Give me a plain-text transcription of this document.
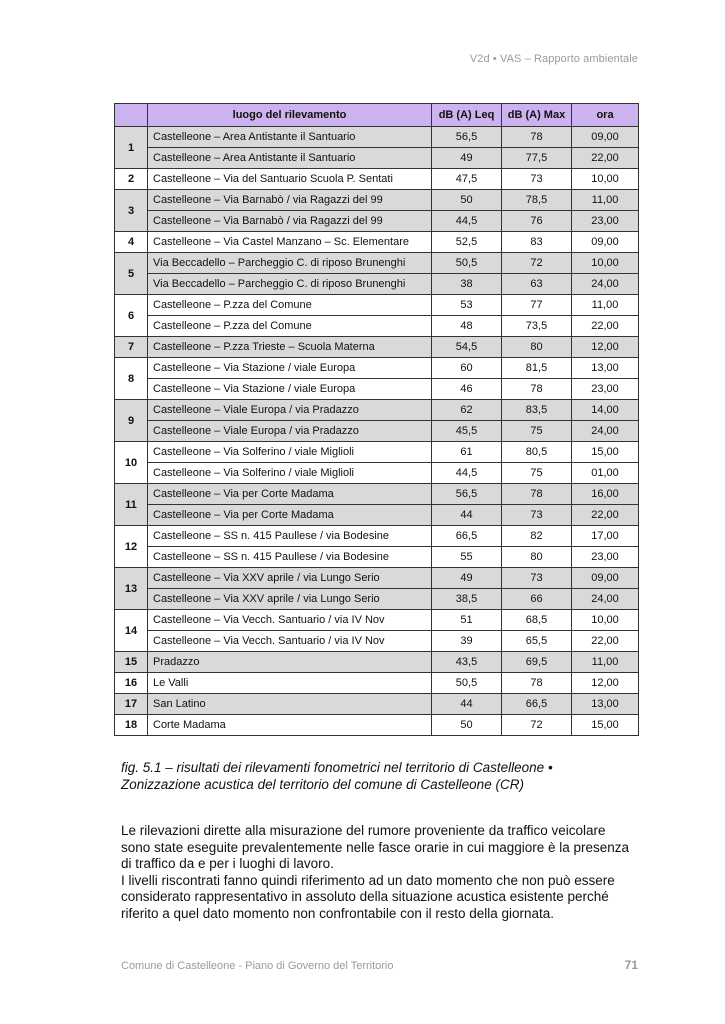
V2d • VAS – Rapporto ambientale
	luogo del rilevamento	dB (A) Leq	dB (A) Max	ora
1	Castelleone – Area Antistante il Santuario	56,5	78	09,00
	Castelleone – Area Antistante il Santuario	49	77,5	22,00
2	Castelleone – Via del Santuario Scuola P. Sentati	47,5	73	10,00
3	Castelleone – Via Barnabò / via Ragazzi del 99	50	78,5	11,00
	Castelleone – Via Barnabò / via Ragazzi del 99	44,5	76	23,00
4	Castelleone – Via Castel Manzano – Sc. Elementare	52,5	83	09,00
5	Via Beccadello – Parcheggio C. di riposo Brunenghi	50,5	72	10,00
	Via Beccadello – Parcheggio C. di riposo Brunenghi	38	63	24,00
6	Castelleone – P.zza del Comune	53	77	11,00
	Castelleone – P.zza del Comune	48	73,5	22,00
7	Castelleone – P.zza Trieste – Scuola Materna	54,5	80	12,00
8	Castelleone – Via Stazione / viale Europa	60	81,5	13,00
	Castelleone – Via Stazione / viale Europa	46	78	23,00
9	Castelleone – Viale Europa / via Pradazzo	62	83,5	14,00
	Castelleone – Viale Europa / via Pradazzo	45,5	75	24,00
10	Castelleone – Via Solferino / viale Miglioli	61	80,5	15,00
	Castelleone – Via Solferino / viale Miglioli	44,5	75	01,00
11	Castelleone – Via per Corte Madama	56,5	78	16,00
	Castelleone – Via per Corte Madama	44	73	22,00
12	Castelleone – SS n. 415 Paullese / via Bodesine	66,5	82	17,00
	Castelleone – SS n. 415 Paullese / via Bodesine	55	80	23,00
13	Castelleone – Via XXV aprile / via Lungo Serio	49	73	09,00
	Castelleone – Via XXV aprile / via Lungo Serio	38,5	66	24,00
14	Castelleone – Via Vecch. Santuario / via IV Nov	51	68,5	10,00
	Castelleone – Via Vecch. Santuario / via IV Nov	39	65,5	22,00
15	Pradazzo	43,5	69,5	11,00
16	Le Valli	50,5	78	12,00
17	San Latino	44	66,5	13,00
18	Corte Madama	50	72	15,00
fig. 5.1 – risultati dei rilevamenti fonometrici nel territorio di Castelleone • Zonizzazione acustica del territorio del comune di Castelleone (CR)

Le rilevazioni dirette alla misurazione del rumore proveniente da traffico veicolare sono state eseguite prevalentemente nelle fasce orarie in cui maggiore è la presenza di traffico da e per i luoghi di lavoro.

I livelli riscontrati fanno quindi riferimento ad un dato momento che non può essere considerato rappresentativo in assoluto della situazione acustica esistente perché riferito a quel dato momento non confrontabile con il resto della giornata.

Comune di Castelleone - Piano di Governo del Territorio	71
